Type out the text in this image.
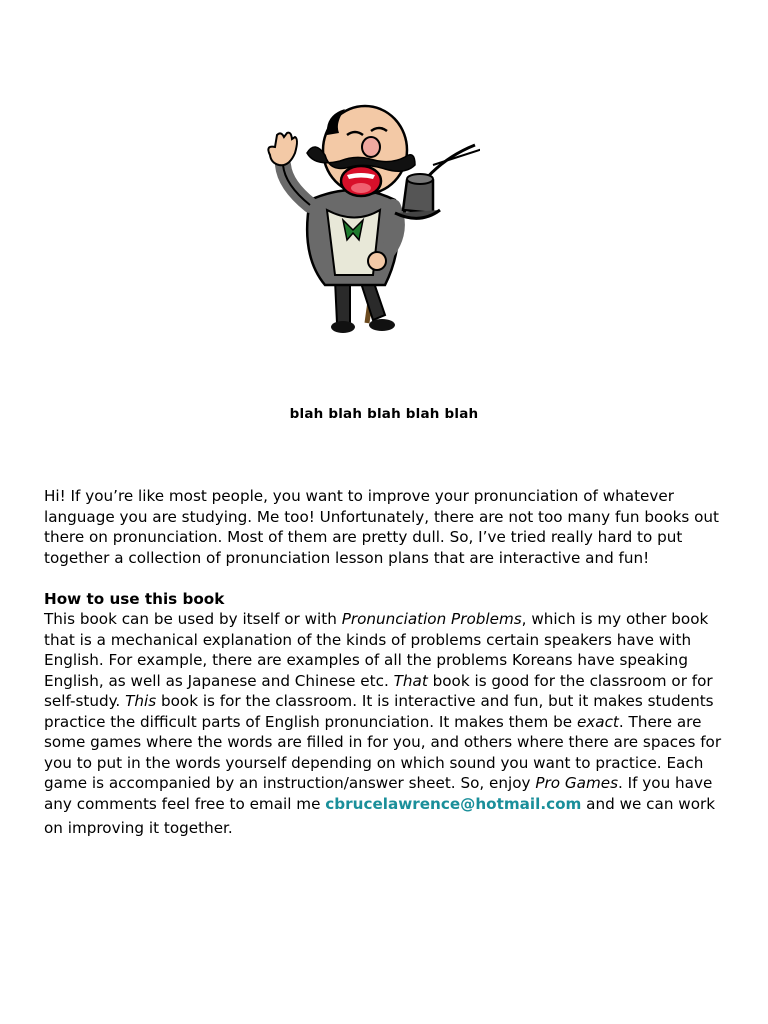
blah blah blah blah blah

Hi! If you’re like most people, you want to improve your pronunciation of whatever language you are studying. Me too! Unfortunately, there are not too many fun books out there on pronunciation. Most of them are pretty dull. So, I’ve tried really hard to put together a collection of pronunciation lesson plans that are interactive and fun!

How to use this book

This book can be used by itself or with Pronunciation Problems, which is my other book that is a mechanical explanation of the kinds of problems certain speakers have with English. For example, there are examples of all the problems Koreans have speaking English, as well as Japanese and Chinese etc. That book is good for the classroom or for self-study. This book is for the classroom. It is interactive and fun, but it makes students practice the difficult parts of English pronunciation. It makes them be exact. There are some games where the words are filled in for you, and others where there are spaces for you to put in the words yourself depending on which sound you want to practice. Each game is accompanied by an instruction/answer sheet. So, enjoy Pro Games. If you have any comments feel free to email me cbrucelawrence@hotmail.com and we can work on improving it together.
